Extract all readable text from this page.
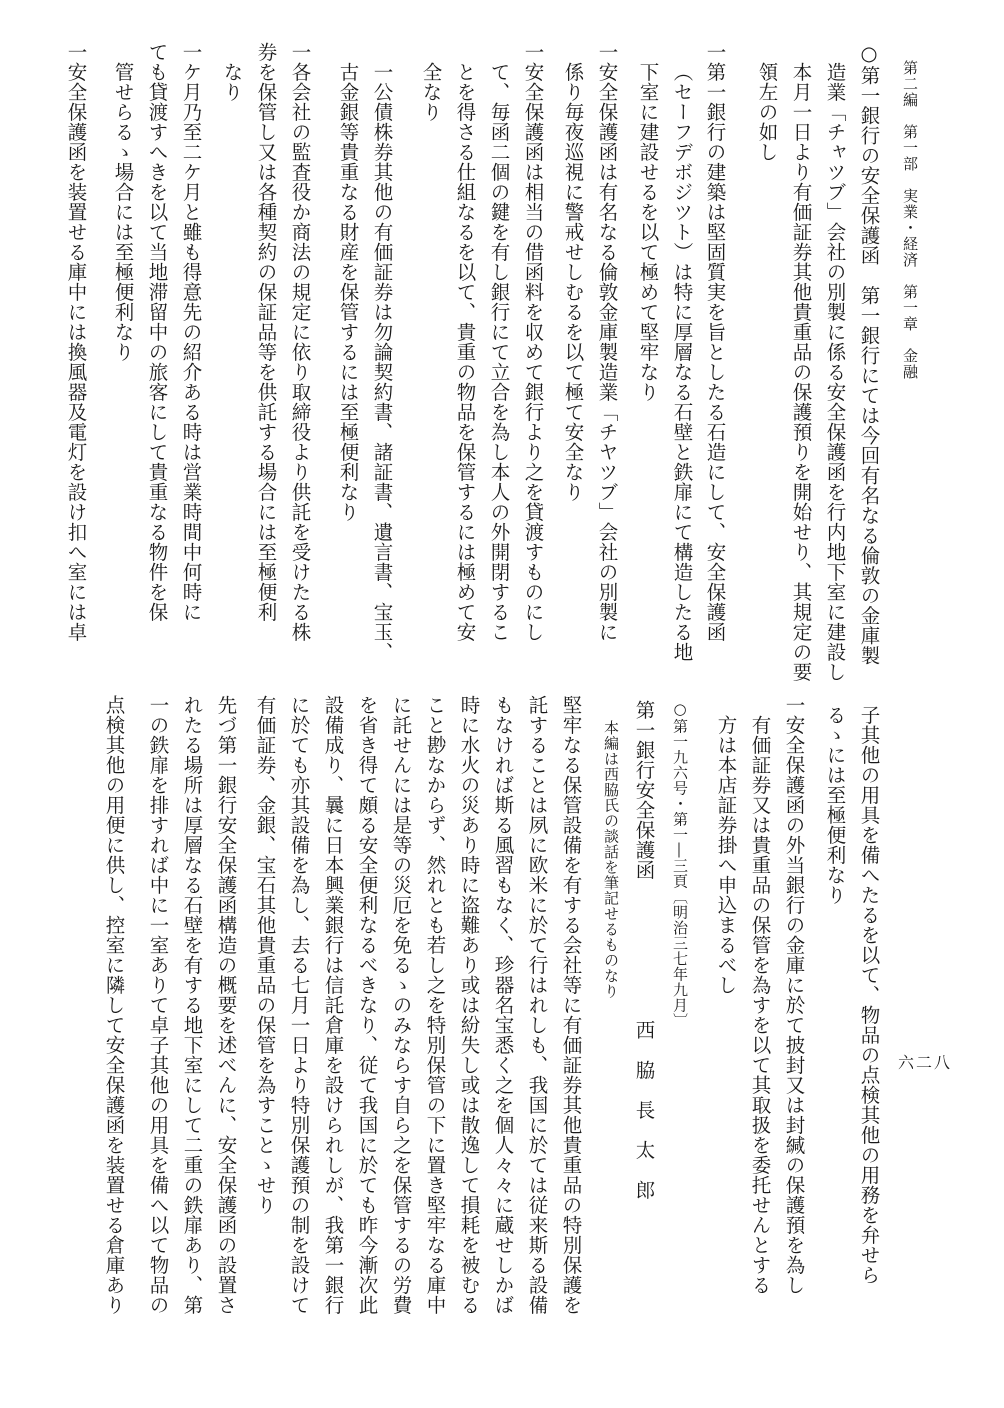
第二編　第一部　実業・経済　第一章　金融
六二八
○第一銀行の安全保護函　第一銀行にては今回有名なる倫敦の金庫製
造業「チャツブ」会社の別製に係る安全保護函を行内地下室に建設し
本月一日より有価証券其他貴重品の保護預りを開始せり、其規定の要
領左の如し
一第一銀行の建築は堅固質実を旨としたる石造にして、安全保護函
（セーフデボジツト）は特に厚層なる石壁と鉄扉にて構造したる地
下室に建設せるを以て極めて堅牢なり
一安全保護函は有名なる倫敦金庫製造業「チヤツブ」会社の別製に
係り毎夜巡視に警戒せしむるを以て極て安全なり
一安全保護函は相当の借函料を収めて銀行より之を貸渡すものにし
て、毎函二個の鍵を有し銀行にて立合を為し本人の外開閉するこ
とを得さる仕組なるを以て、貴重の物品を保管するには極めて安
全なり
一公債株券其他の有価証券は勿論契約書、諸証書、遺言書、宝玉、
古金銀等貴重なる財産を保管するには至極便利なり
一各会社の監査役か商法の規定に依り取締役より供託を受けたる株
券を保管し又は各種契約の保証品等を供託する場合には至極便利
なり
一ケ月乃至二ケ月と雖も得意先の紹介ある時は営業時間中何時に
ても貸渡すへきを以て当地滞留中の旅客にして貴重なる物件を保
管せらるゝ場合には至極便利なり
一安全保護函を装置せる庫中には換風器及電灯を設け扣へ室には卓
子其他の用具を備へたるを以て、物品の点検其他の用務を弁せら
るゝには至極便利なり
一安全保護函の外当銀行の金庫に於て披封又は封緘の保護預を為し
有価証券又は貴重品の保管を為すを以て其取扱を委托せんとする
方は本店証券掛へ申込まるべし
○第一九六号・第一―三頁〔明治三七年九月〕
第一銀行安全保護函　　　　　　　西　脇　長　太　郎
本編は西脇氏の談話を筆記せるものなり
堅牢なる保管設備を有する会社等に有価証券其他貴重品の特別保護を
託することは夙に欧米に於て行はれしも、我国に於ては従来斯る設備
もなければ斯る風習もなく、珍器名宝悉く之を個人々々に蔵せしかば
時に水火の災あり時に盗難あり或は紛失し或は散逸して損耗を被むる
こと尠なからず、然れとも若し之を特別保管の下に置き堅牢なる庫中
に託せんには是等の災厄を免るゝのみならす自ら之を保管するの労費
を省き得て頗る安全便利なるべきなり、従て我国に於ても昨今漸次此
設備成り、曩に日本興業銀行は信託倉庫を設けられしが、我第一銀行
に於ても亦其設備を為し、去る七月一日より特別保護預の制を設けて
有価証券、金銀、宝石其他貴重品の保管を為すことゝせり
先づ第一銀行安全保護函構造の概要を述べんに、安全保護函の設置さ
れたる場所は厚層なる石壁を有する地下室にして二重の鉄扉あり、第
一の鉄扉を排すれば中に一室ありて卓子其他の用具を備へ以て物品の
点検其他の用便に供し、控室に隣して安全保護函を装置せる倉庫あり
